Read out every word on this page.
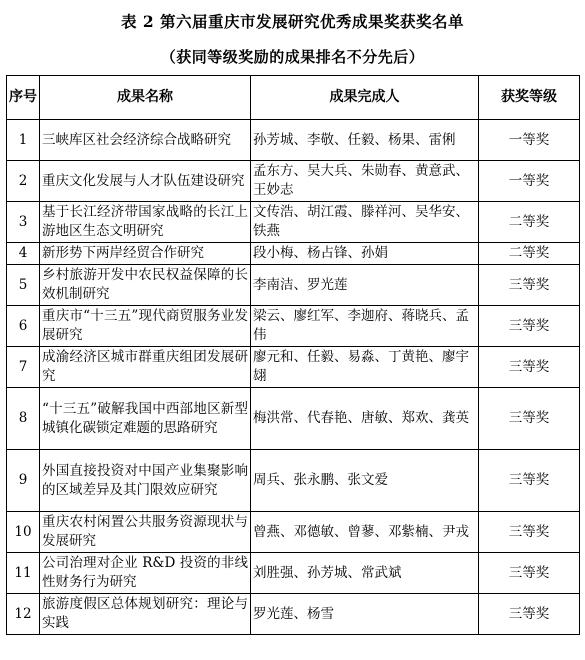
表 2 第六届重庆市发展研究优秀成果奖获奖名单
（获同等级奖励的成果排名不分先后）
序号	成果名称	成果完成人	获奖等级
1	三峡库区社会经济综合战略研究	孙芳城、李敬、任毅、杨果、雷俐	一等奖
2	重庆文化发展与人才队伍建设研究	孟东方、吴大兵、朱勋春、黄意武、王妙志	一等奖
3	基于长江经济带国家战略的长江上游地区生态文明研究	文传浩、胡江霞、滕祥河、吴华安、铁燕	二等奖
4	新形势下两岸经贸合作研究	段小梅、杨占锋、孙娟	二等奖
5	乡村旅游开发中农民权益保障的长效机制研究	李南洁、罗光莲	三等奖
6	重庆市“十三五”现代商贸服务业发展研究	梁云、廖红军、李迦府、蒋晓兵、孟伟	三等奖
7	成渝经济区城市群重庆组团发展研究	廖元和、任毅、易淼、丁黄艳、廖宇翃	三等奖
8	“十三五”破解我国中西部地区新型城镇化碳锁定难题的思路研究	梅洪常、代春艳、唐敏、郑欢、龚英	三等奖
9	外国直接投资对中国产业集聚影响的区域差异及其门限效应研究	周兵、张永鹏、张文爱	三等奖
10	重庆农村闲置公共服务资源现状与发展研究	曾燕、邓德敏、曾蓼、邓紫楠、尹戎	三等奖
11	公司治理对企业 R&D 投资的非线性财务行为研究	刘胜强、孙芳城、常武斌	三等奖
12	旅游度假区总体规划研究：理论与实践	罗光莲、杨雪	三等奖
